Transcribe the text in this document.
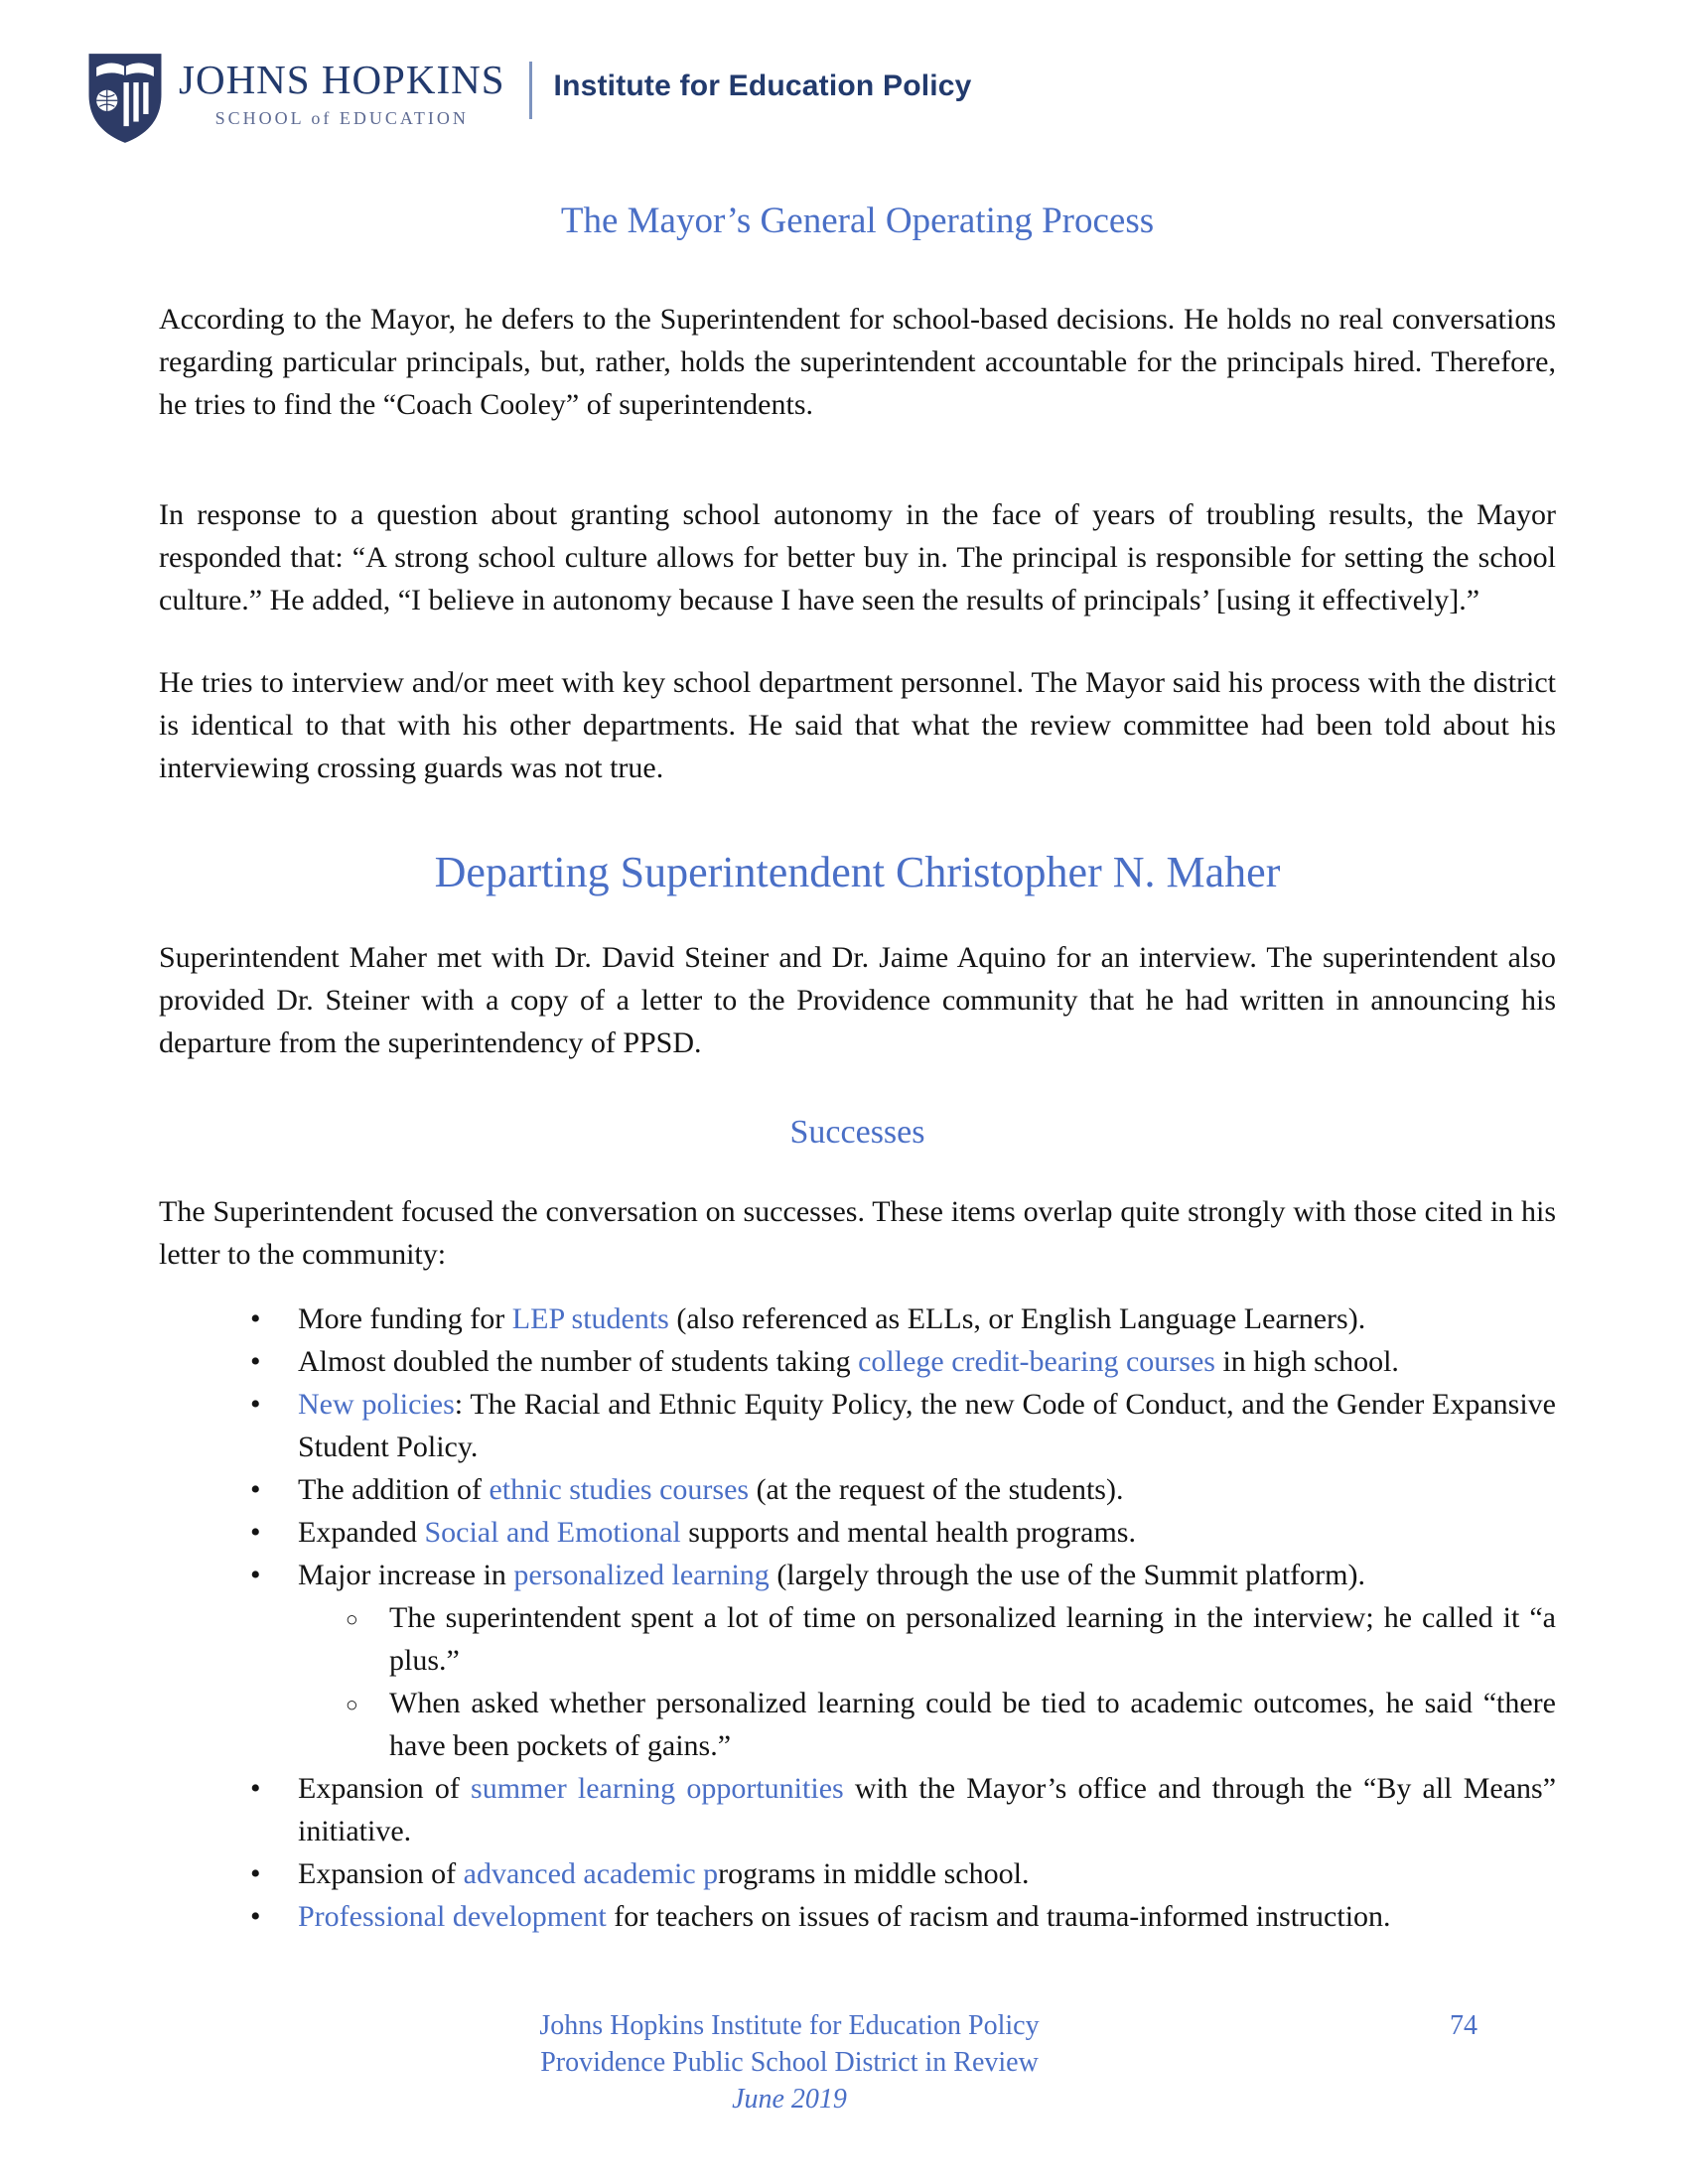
JOHNS HOPKINS
SCHOOL of EDUCATION
Institute for Education Policy
The Mayor’s General Operating Process
According to the Mayor, he defers to the Superintendent for school-based decisions. He holds no real conversations regarding particular principals, but, rather, holds the superintendent accountable for the principals hired. Therefore, he tries to find the “Coach Cooley” of superintendents.
In response to a question about granting school autonomy in the face of years of troubling results, the Mayor responded that: “A strong school culture allows for better buy in. The principal is responsible for setting the school culture.” He added, “I believe in autonomy because I have seen the results of principals’ [using it effectively].”
He tries to interview and/or meet with key school department personnel. The Mayor said his process with the district is identical to that with his other departments. He said that what the review committee had been told about his interviewing crossing guards was not true.
Departing Superintendent Christopher N. Maher
Superintendent Maher met with Dr. David Steiner and Dr. Jaime Aquino for an interview. The superintendent also provided Dr. Steiner with a copy of a letter to the Providence community that he had written in announcing his departure from the superintendency of PPSD.
Successes
The Superintendent focused the conversation on successes. These items overlap quite strongly with those cited in his letter to the community:
• More funding for LEP students (also referenced as ELLs, or English Language Learners).
• Almost doubled the number of students taking college credit-bearing courses in high school.
• New policies: The Racial and Ethnic Equity Policy, the new Code of Conduct, and the Gender Expansive Student Policy.
• The addition of ethnic studies courses (at the request of the students).
• Expanded Social and Emotional supports and mental health programs.
• Major increase in personalized learning (largely through the use of the Summit platform).
○ The superintendent spent a lot of time on personalized learning in the interview; he called it “a plus.”
○ When asked whether personalized learning could be tied to academic outcomes, he said “there have been pockets of gains.”
• Expansion of summer learning opportunities with the Mayor’s office and through the “By all Means” initiative.
• Expansion of advanced academic programs in middle school.
• Professional development for teachers on issues of racism and trauma-informed instruction.
Johns Hopkins Institute for Education Policy
Providence Public School District in Review
June 2019
74
